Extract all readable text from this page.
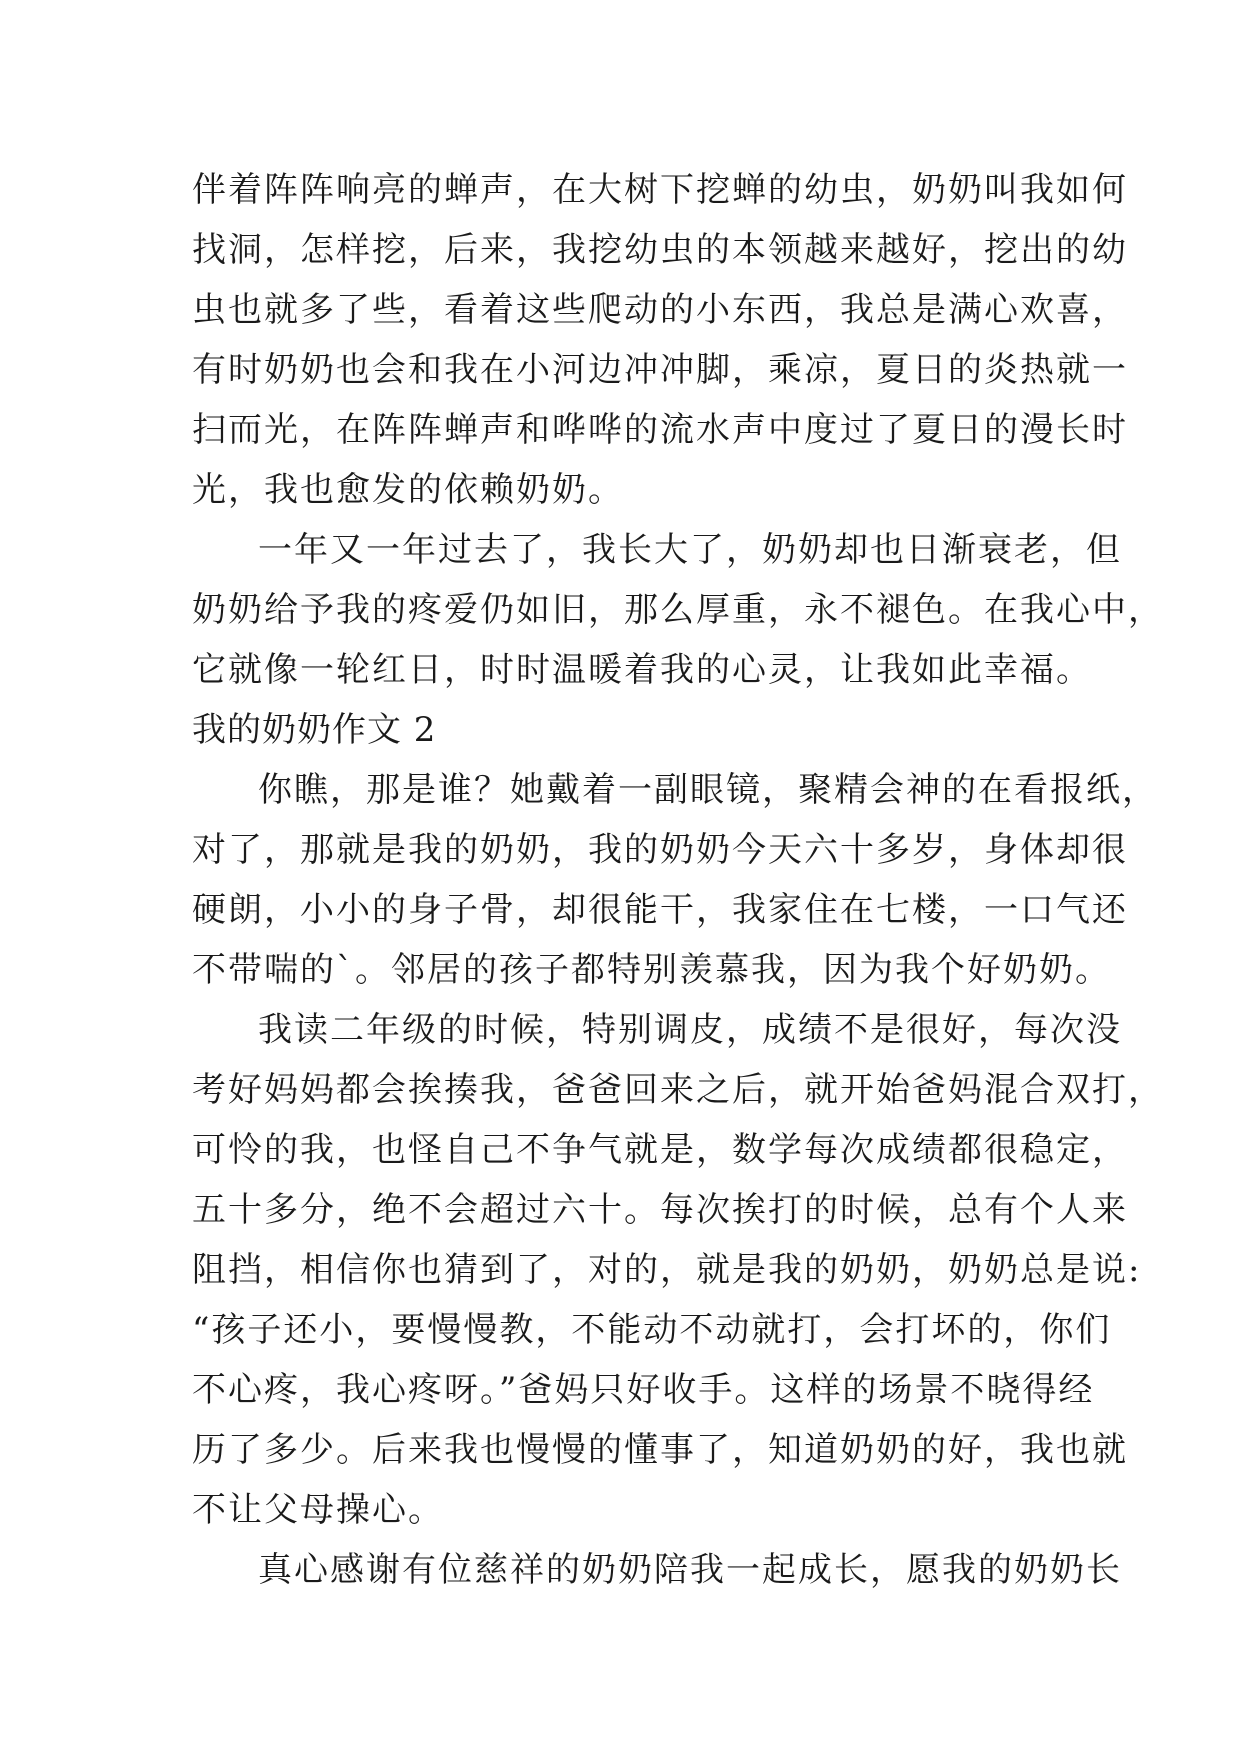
伴着阵阵响亮的蝉声，在大树下挖蝉的幼虫，奶奶叫我如何
找洞，怎样挖，后来，我挖幼虫的本领越来越好，挖出的幼
虫也就多了些，看着这些爬动的小东西，我总是满心欢喜，
有时奶奶也会和我在小河边冲冲脚，乘凉，夏日的炎热就一
扫而光，在阵阵蝉声和哗哗的流水声中度过了夏日的漫长时
光，我也愈发的依赖奶奶。
一年又一年过去了，我长大了，奶奶却也日渐衰老，但
奶奶给予我的疼爱仍如旧，那么厚重，永不褪色。在我心中，
它就像一轮红日，时时温暖着我的心灵，让我如此幸福。
我的奶奶作文 2
你瞧，那是谁？她戴着一副眼镜，聚精会神的在看报纸，
对了，那就是我的奶奶，我的奶奶今天六十多岁，身体却很
硬朗，小小的身子骨，却很能干，我家住在七楼，一口气还
不带喘的`。邻居的孩子都特别羡慕我，因为我个好奶奶。
我读二年级的时候，特别调皮，成绩不是很好，每次没
考好妈妈都会挨揍我，爸爸回来之后，就开始爸妈混合双打，
可怜的我，也怪自己不争气就是，数学每次成绩都很稳定，
五十多分，绝不会超过六十。每次挨打的时候，总有个人来
阻挡，相信你也猜到了，对的，就是我的奶奶，奶奶总是说:
“孩子还小，要慢慢教，不能动不动就打，会打坏的，你们
不心疼，我心疼呀。”爸妈只好收手。这样的场景不晓得经
历了多少。后来我也慢慢的懂事了，知道奶奶的好，我也就
不让父母操心。
真心感谢有位慈祥的奶奶陪我一起成长，愿我的奶奶长
